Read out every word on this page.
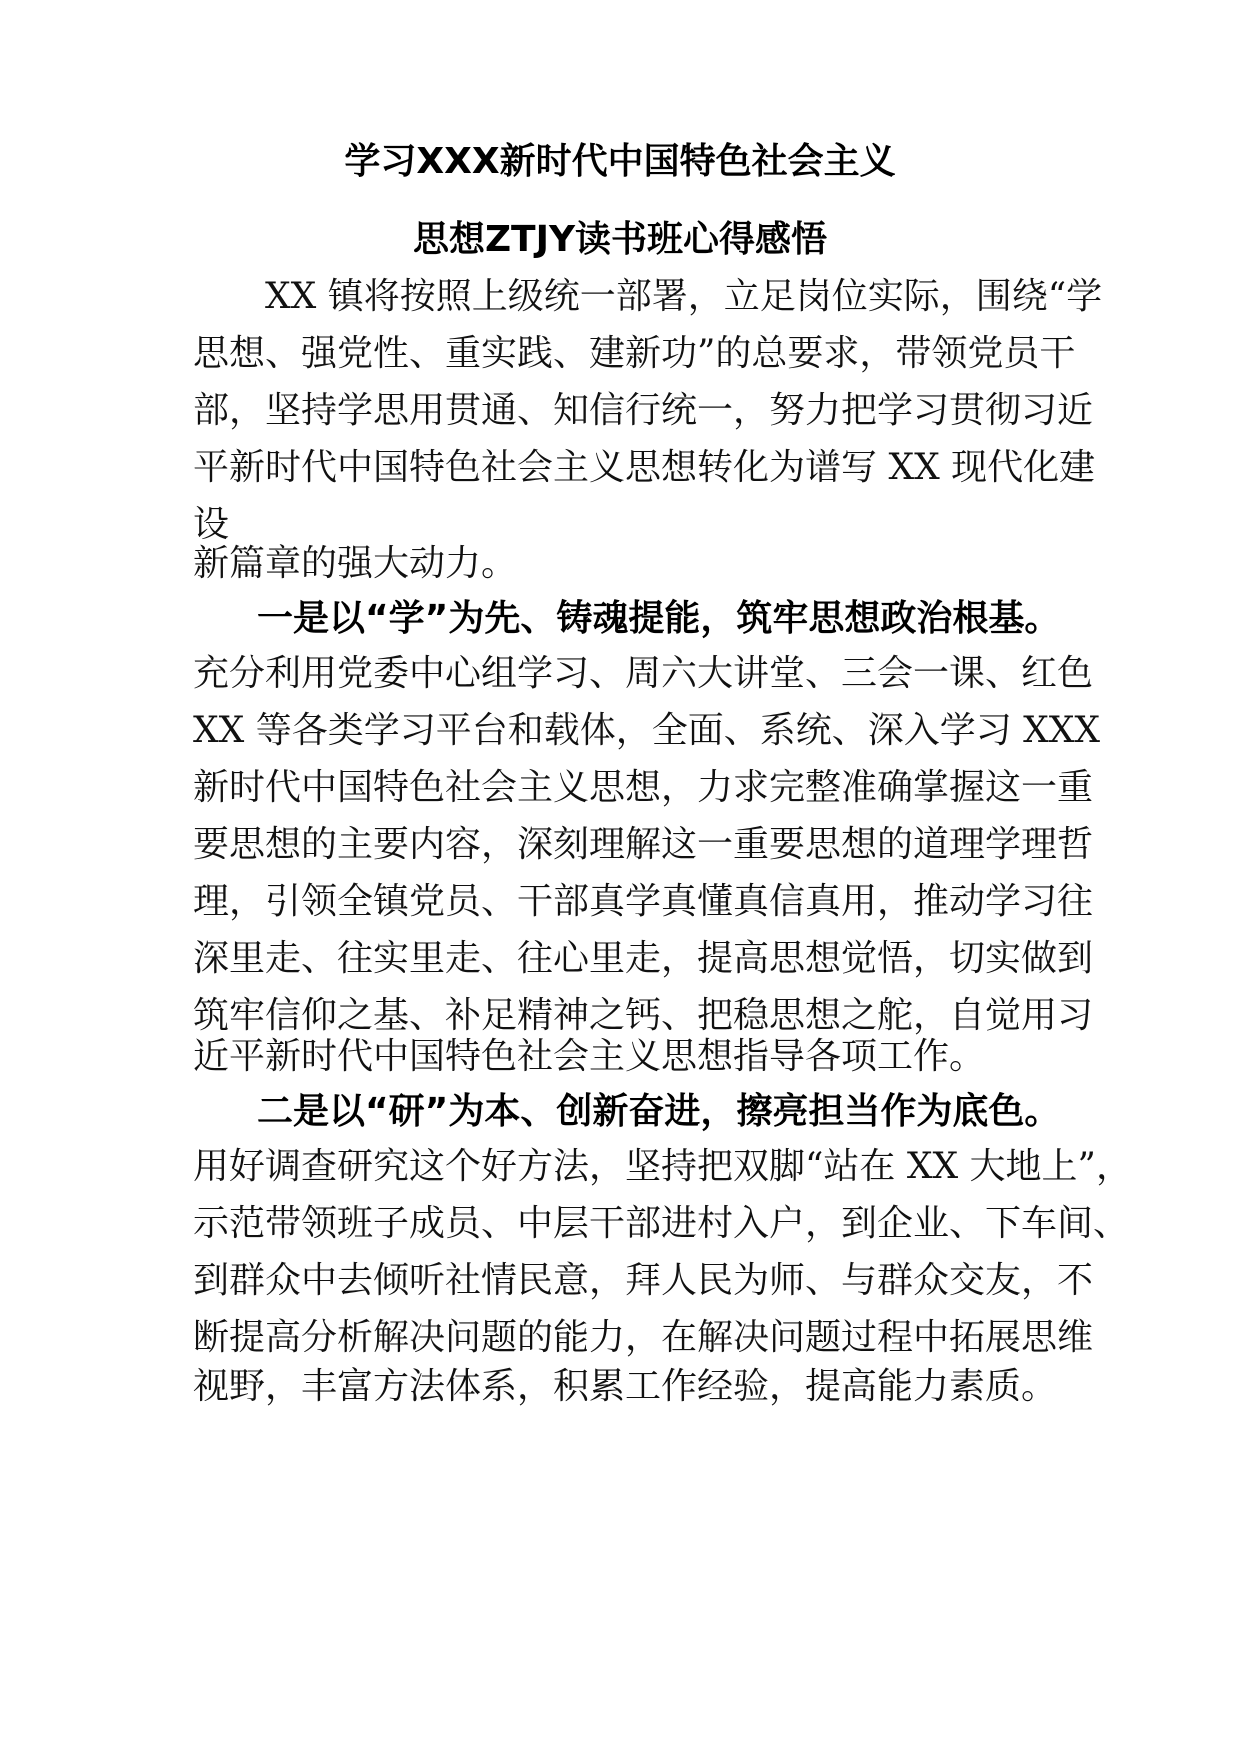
学习XXX新时代中国特色社会主义
思想ZTJY读书班心得感悟
XX 镇将按照上级统一部署，立足岗位实际，围绕“学
思想、强党性、重实践、建新功”的总要求，带领党员干
部，坚持学思用贯通、知信行统一，努力把学习贯彻习近
平新时代中国特色社会主义思想转化为谱写 XX 现代化建
设
新篇章的强大动力。
一是以“学”为先、铸魂提能，筑牢思想政治根基。
充分利用党委中心组学习、周六大讲堂、三会一课、红色
XX 等各类学习平台和载体，全面、系统、深入学习 XXX
新时代中国特色社会主义思想，力求完整准确掌握这一重
要思想的主要内容，深刻理解这一重要思想的道理学理哲
理，引领全镇党员、干部真学真懂真信真用，推动学习往
深里走、往实里走、往心里走，提高思想觉悟，切实做到
筑牢信仰之基、补足精神之钙、把稳思想之舵，自觉用习
近平新时代中国特色社会主义思想指导各项工作。
二是以“研”为本、创新奋进，擦亮担当作为底色。
用好调查研究这个好方法，坚持把双脚“站在 XX 大地上”，
示范带领班子成员、中层干部进村入户，到企业、下车间、
到群众中去倾听社情民意，拜人民为师、与群众交友，不
断提高分析解决问题的能力，在解决问题过程中拓展思维
视野，丰富方法体系，积累工作经验，提高能力素质。
